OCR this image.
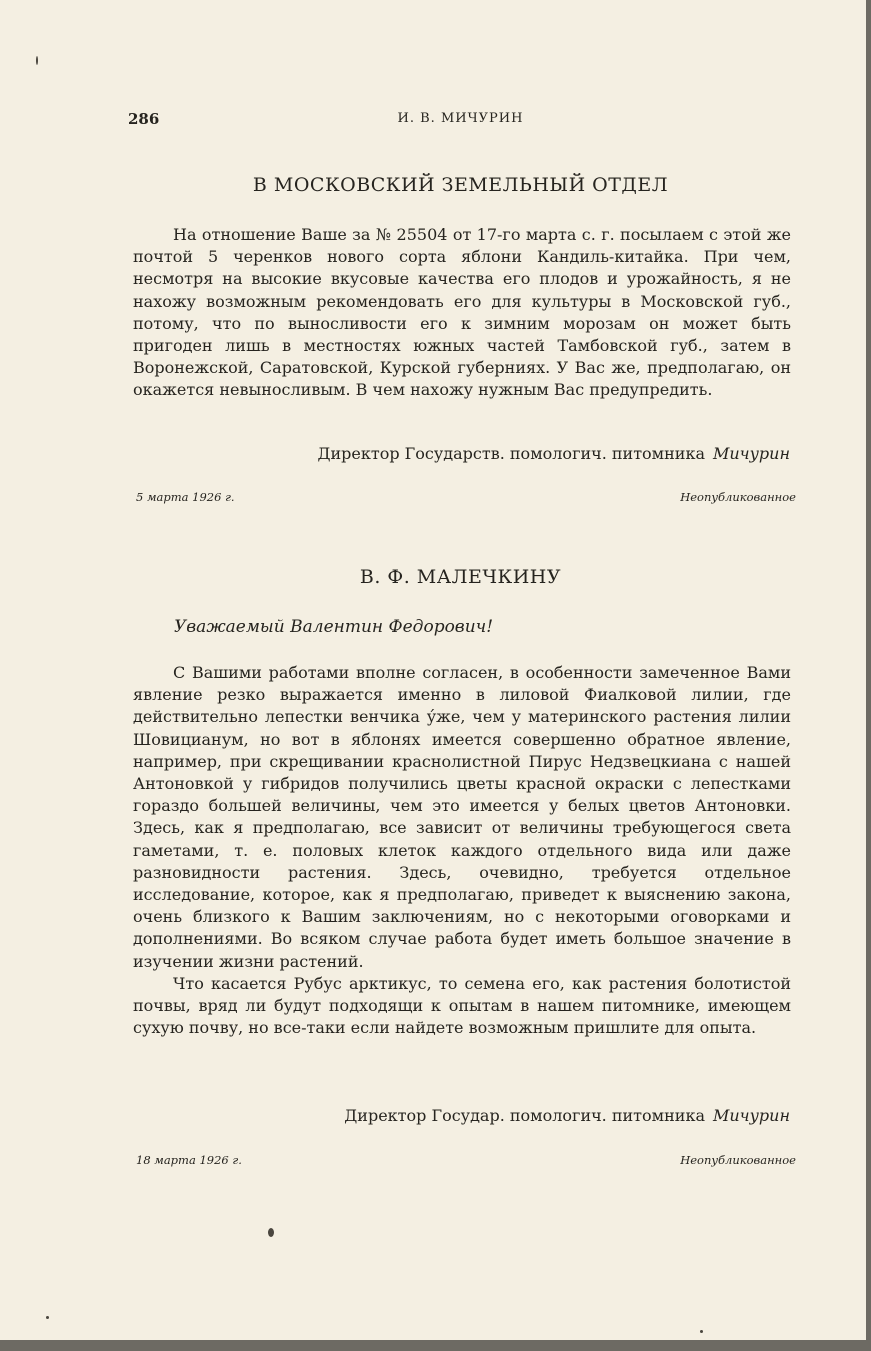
286	И. В. МИЧУРИН
В МОСКОВСКИЙ ЗЕМЕЛЬНЫЙ ОТДЕЛ

На отношение Ваше за № 25504 от 17-го марта с. г. посылаем с этой же почтой 5 черенков нового сорта яблони Кандиль-китайка. При чем, несмотря на высокие вкусовые качества его плодов и урожайность, я не нахожу возможным рекомендовать его для культуры в Московской губ., потому, что по выносливости его к зимним морозам он может быть пригоден лишь в местностях южных частей Тамбовской губ., затем в Воронежской, Саратовской, Курской губерниях. У Вас же, предполагаю, он окажется невыносливым. В чем нахожу нужным Вас предупредить.

Директор Государств. помологич. питомника Мичурин
5 марта 1926 г.	Неопубликованное
В. Ф. МАЛЕЧКИНУ
Уважаемый Валентин Федорович!

С Вашими работами вполне согласен, в особенности замеченное Вами явление резко выражается именно в лиловой Фиалковой лилии, где действительно лепестки венчика у́же, чем у материнского растения лилии Шовицианум, но вот в яблонях имеется совершенно обратное явление, например, при скрещивании краснолистной Пирус Недзвецкиана с нашей Антоновкой у гибридов получились цветы красной окраски с лепестками гораздо большей величины, чем это имеется у белых цветов Антоновки. Здесь, как я предполагаю, все зависит от величины требующегося света гаметами, т. е. половых клеток каждого отдельного вида или даже разновидности растения. Здесь, очевидно, требуется отдельное исследование, которое, как я предполагаю, приведет к выяснению закона, очень близкого к Вашим заключениям, но с некоторыми оговорками и дополнениями. Во всяком случае работа будет иметь большое значение в изучении жизни растений.

Что касается Рубус арктикус, то семена его, как растения болотистой почвы, вряд ли будут подходящи к опытам в нашем питомнике, имеющем сухую почву, но все-таки если найдете возможным пришлите для опыта.

Директор Государ. помологич. питомника Мичурин
18 марта 1926 г.	Неопубликованное
